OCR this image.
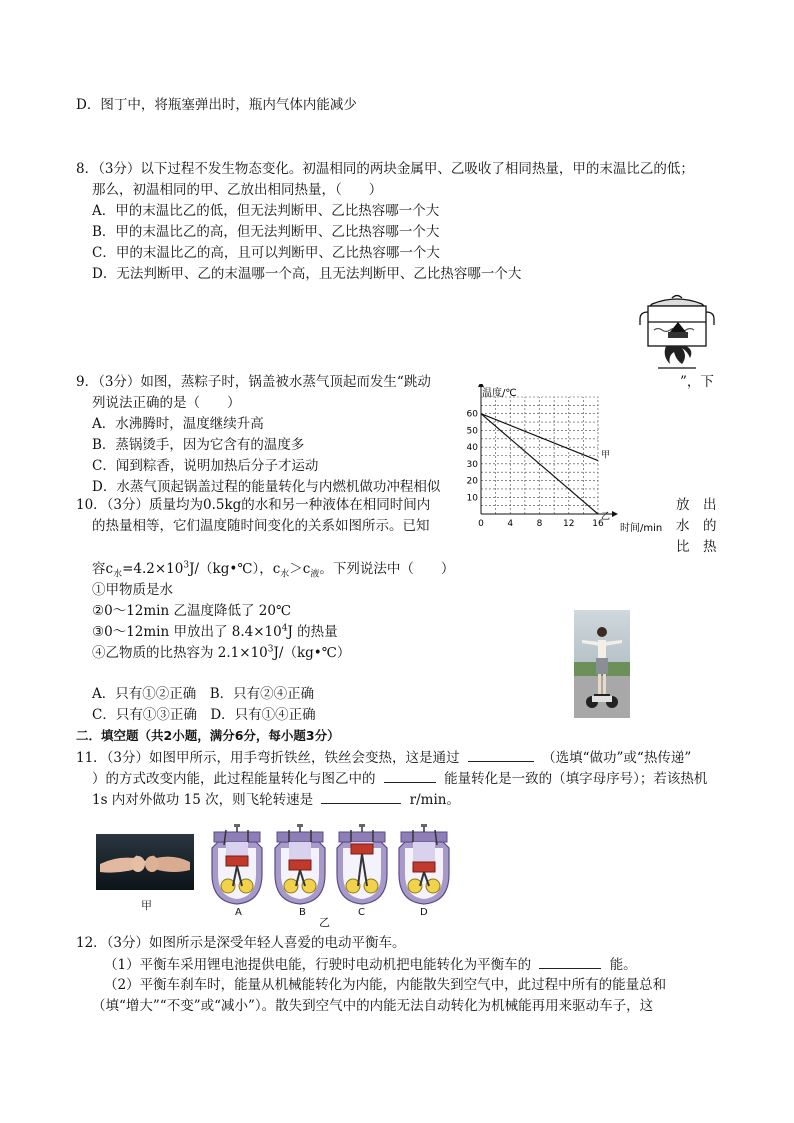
D．图丁中，将瓶塞弹出时，瓶内气体内能减少
8．（3分）以下过程不发生物态变化。初温相同的两块金属甲、乙吸收了相同热量，甲的末温比乙的低；
那么，初温相同的甲、乙放出相同热量，（　　）
A．甲的末温比乙的低，但无法判断甲、乙比热容哪一个大
B．甲的末温比乙的高，但无法判断甲、乙比热容哪一个大
C．甲的末温比乙的高，且可以判断甲、乙比热容哪一个大
D．无法判断甲、乙的末温哪一个高，且无法判断甲、乙比热容哪一个大
9．（3分）如图，蒸粽子时，锅盖被水蒸气顶起而发生“跳动	”，下
列说法正确的是（　　）
A．水沸腾时，温度继续升高
B．蒸锅烫手，因为它含有的温度多
C．闻到粽香，说明加热后分子才运动
D．水蒸气顶起锅盖过程的能量转化与内燃机做功冲程相似
0	4	8 12 16
10
20
30
40
50
60
甲
乙
温度/℃
时间/min
10．（3分）质量均为0.5kg的水和另一种液体在相同时间内	放　出
的热量相等，它们温度随时间变化的关系如图所示。已知	水　的
比　热
容$c_水=4.2\times 10^3J/(kg•℃)$，$c_水>c_液$。下列说法中（　　）
①甲物质是水
②0～12min 乙温度降低了 20℃
③0～12min 甲放出了 $8.4\times 10^4J$ 的热量
④乙物质的比热容为 $2.1\times 10^3J/(kg•℃)$
A．只有①②正确　B．只有②④正确
C．只有①③正确　D．只有①④正确
二．填空题（共2小题，满分6分，每小题3分）
11．（3分）如图甲所示，用手弯折铁丝，铁丝会变热，这是通过	（选填“做功”或“热传递”
）的方式改变内能，此过程能量转化与图乙中的	能量转化是一致的（填字母序号）；若该热机
1s 内对外做功 15 次，则飞轮转速是	r/min。
甲
A	B	C	D
乙
12．（3分）如图所示是深受年轻人喜爱的电动平衡车。
（1）平衡车采用锂电池提供电能，行驶时电动机把电能转化为平衡车的	能。
（2）平衡车刹车时，能量从机械能转化为内能，内能散失到空气中，此过程中所有的能量总和
（填“增大”“不变”或“减小”）。散失到空气中的内能无法自动转化为机械能再用来驱动车子，这
